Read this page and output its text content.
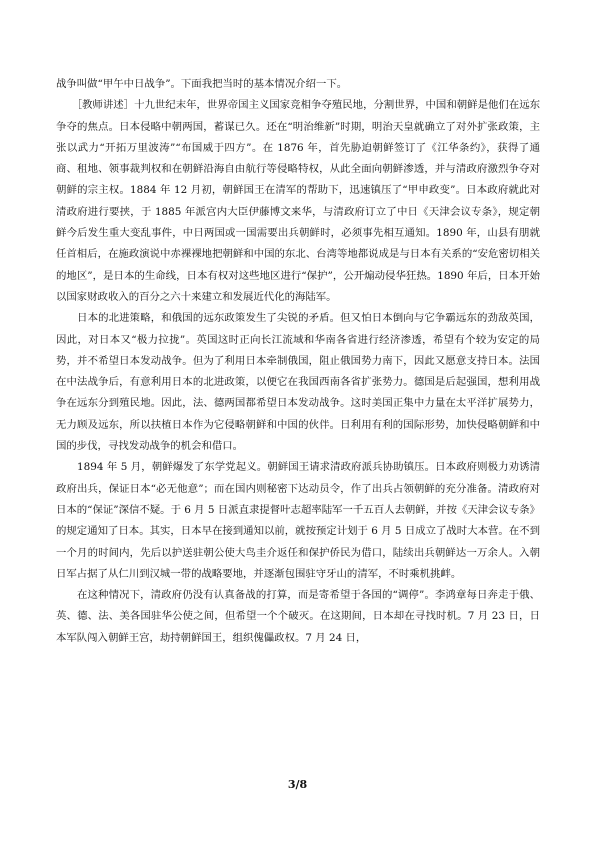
战争叫做“甲午中日战争”。下面我把当时的基本情况介绍一下。

　　［教师讲述］十九世纪末年，世界帝国主义国家竞相争夺殖民地，分割世界，中国和朝鲜是他们在远东争夺的焦点。日本侵略中朝两国，蓄谋已久。还在“明治维新”时期，明治天皇就确立了对外扩张政策，主张以武力“开拓万里波涛”“布国威于四方”。在 1876 年，首先胁迫朝鲜签订了《江华条约》，获得了通商、租地、领事裁判权和在朝鲜沿海自由航行等侵略特权，从此全面向朝鲜渗透，并与清政府激烈争夺对朝鲜的宗主权。1884 年 12 月初，朝鲜国王在清军的帮助下，迅速镇压了“甲申政变”。日本政府就此对清政府进行要挟，于 1885 年派宫内大臣伊藤博文来华，与清政府订立了中日《天津会议专条》，规定朝鲜今后发生重大变乱事件，中日两国或一国需要出兵朝鲜时，必须事先相互通知。1890 年，山县有朋就任首相后，在施政演说中赤裸裸地把朝鲜和中国的东北、台湾等地都说成是与日本有关系的“安危密切相关的地区”，是日本的生命线，日本有权对这些地区进行“保护”，公开煽动侵华狂热。1890 年后，日本开始以国家财政收入的百分之六十来建立和发展近代化的海陆军。

　　日本的北进策略，和俄国的远东政策发生了尖锐的矛盾。但又怕日本倒向与它争霸远东的劲敌英国，因此，对日本又“极力拉拢”。英国这时正向长江流域和华南各省进行经济渗透，希望有个较为安定的局势，并不希望日本发动战争。但为了利用日本牵制俄国，阻止俄国势力南下，因此又愿意支持日本。法国在中法战争后，有意利用日本的北进政策，以便它在我国西南各省扩张势力。德国是后起强国，想利用战争在远东分到殖民地。因此，法、德两国都希望日本发动战争。这时美国正集中力量在太平洋扩展势力，无力顾及远东，所以扶植日本作为它侵略朝鲜和中国的伙伴。日利用有利的国际形势，加快侵略朝鲜和中国的步伐，寻找发动战争的机会和借口。

　　1894 年 5 月，朝鲜爆发了东学党起义。朝鲜国王请求清政府派兵协助镇压。日本政府则极力劝诱清政府出兵，保证日本“必无他意”；而在国内则秘密下达动员令，作了出兵占领朝鲜的充分准备。清政府对日本的“保证”深信不疑。于 6 月 5 日派直隶提督叶志超率陆军一千五百人去朝鲜，并按《天津会议专条》的规定通知了日本。其实，日本早在接到通知以前，就按预定计划于 6 月 5 日成立了战时大本营。在不到一个月的时间内，先后以护送驻朝公使大鸟圭介返任和保护侨民为借口，陆续出兵朝鲜达一万余人。入朝日军占据了从仁川到汉城一带的战略要地，并逐渐包围驻守牙山的清军，不时乘机挑衅。

　　在这种情况下，清政府仍没有认真备战的打算，而是寄希望于各国的“调停”。李鸿章每日奔走于俄、英、德、法、美各国驻华公使之间，但希望一个个破灭。在这期间，日本却在寻找时机。7 月 23 日，日本军队闯入朝鲜王宫，劫持朝鲜国王，组织傀儡政权。7 月 24 日，

3/8
